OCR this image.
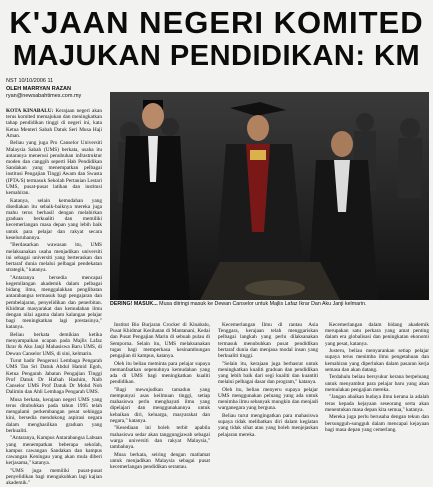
K'JAAN NEGERI KOMITED
MAJUKAN PENDIDIKAN: KM
NST 10/10/2006 11
OLEH MARRYAN RAZAN
ryan@newsabahtimes.com.my

KOTA KINABALU: Kerajaan negeri akan terus komited memajukan dan meningkatkan tahap pendidikan tinggi di negeri ini, kata Ketua Menteri Sabah Datuk Seri Musa Haji Aman.

Beliau yang juga Pro Canselor Universiti Malaysia Sabah (UMS) berkata, usaha itu antaranya menerusi penubuhan infrastruktur moden dan canggih seperti Hab Pendidikan Sandakan yang menempatkan pelbagai institusi Pengajian Tinggi Awam dan Swasta (IPTA/S) termasuk Sekolah Pertanian Lestari UMS, pusat-pusat latihan dan institusi kemahiran.

Katanya, selain kemudahan yang disediakan itu sebaik-baiknya mereka juga mahu terus berhasil dengan melahirkan graduan berkualiti dan memiliki kecemerlangan masa depan yang lebih baik untuk para pelajar dan rakyat secara keseluruhannya.

"Berdasarkan wawasan itu, UMS melaksanakan usaha menjadikan universiti ini sebagai universiti yang berteraskan dan bertaraf dunia melalui pelbagai pendekatan strategik," katanya.

"Antaranya bersedia mencapai kegemilangan akademik dalam pelbagai bidang ilmu, menggalakkan penglibatan antarabangsa termasuk bagi pengajaran dan pembelajaran, penyelidikan dan penerbitan. Khidmat masyarakat dan kemudahan ilmu dengan nilai agama dalam kalangan pelajar bagi meningkatkan lagi prestasinya," katanya.

Beliau berkata demikian ketika menyampaikan ucapan pada Majlis Lafaz Ikrar & Aku Janji Mahasiswa Baru UMS, di Dewan Canselor UMS, di sini, kelmarin.

Turut hadir Pengerusi Lembaga Pengarah UMS Tan Sri Datuk Abdul Hamid Egoh, Ketua Pengarah Jabatan Pengajian Tinggi Prof Datuk Dr Hafsah Hashim, Naib Canselor UMS Prof Datuk Dr Mohd Noh Dalimin dan Ahli Lembaga Pengarah UMS.

Musa berkata, kerajaan negeri UMS yang terus ditubuhkan pada tahun 1995 telah mengalami perkembangan pesat sehingga kini, bersedia mendokong aspirasi negara dalam menghasilkan graduan yang berkualiti.

"Antaranya, Kampus Antarabangsa Labuan yang menempatkan beberapa sekolah, kampus cawangan Sandakan dan kampus cawangan Keningau yang akan mula diberi kerjasama," katanya.

"UMS juga memiliki pusat-pusat penyelidikan bagi mengukuhkan lagi kajian akademik."

DERING! MASUK... Musa diiringi masuk ke Dewan Canselor untuk Majlis Lafaz Ikrar Dan Aku Janji kelmarin.

Institut Bio Burjaran Crocker di Kinabalu, Pusat Khidmat Kesihatan di Mantanani, Kedai dan Pusat Pengajian Marin di sebuah pulau di Semporna. Selain itu, UMS melaksanakan tugas bagi memperkasa kesinambungan pengajian di kampus, katanya.

Oleh itu beliau meminta para pelajar supaya memanfaatkan sepenuhnya kemudahan yang ada di UMS bagi meningkatkan kualiti pendidikan.

"Bagi mewujudkan tamadun yang mempunyai asas keilmuan tinggi, setiap mahasiswa perlu menghayati ilmu yang dipelajari dan menggunakannya untuk kebaikan diri, keluarga, masyarakat dan negara," katanya.

"Kesediaan ini boleh terbit apabila mahasiswa sedar akan tanggungjawab sebagai warga universiti dan rakyat Malaysia," tambahnya.

Musa berkata, seiring dengan matlamat untuk menjadikan Malaysia sebagai pusat kecemerlangan pendidikan serantau.

Kecemerlangan Ilmu di rantau Asia Tenggara, kerajaan telah menggariskan pelbagai langkah yang perlu dilaksanakan termasuk menubuhkan pusat pendidikan bertaraf dunia dan menjana modal insan yang berkualiti tinggi.

"Selain itu, kerajaan juga berhasrat untuk meningkatkan kualiti graduan dan pendidikan yang lebih baik dari segi kualiti dan kuantiti melalui pelbagai dasar dan program," katanya.

Oleh itu, beliau menyeru supaya pelajar UMS menggunakan peluang yang ada untuk menimba ilmu sebanyak mungkin dan menjadi warganegara yang berguna.

Beliau turut mengingatkan para mahasiswa supaya tidak melibatkan diri dalam kegiatan yang tidak sihat atau yang boleh menjejaskan pelajaran mereka.

Kecemerlangan dalam bidang akademik merupakan satu perkara yang amat penting dalam era globalisasi dan peningkatan ekonomi yang pesat, katanya.

Justeru, beliau menyarankan setiap pelajar supaya terus menimba ilmu pengetahuan dan kemahiran yang diperlukan dalam pasaran kerja semasa dan akan datang.

Terdahulu beliau bersyukur kerana berpeluang untuk menyambut para pelajar baru yang akan memulakan pengajian mereka.

"Jangan abaikan budaya ilmu kerana ia adalah teras kepada kejayaan seseorang serta akan menentukan masa depan kita semua," katanya.

Mereka juga perlu berusaha dengan tekun dan bersungguh-sungguh dalam mencapai kejayaan bagi masa depan yang cemerlang.
